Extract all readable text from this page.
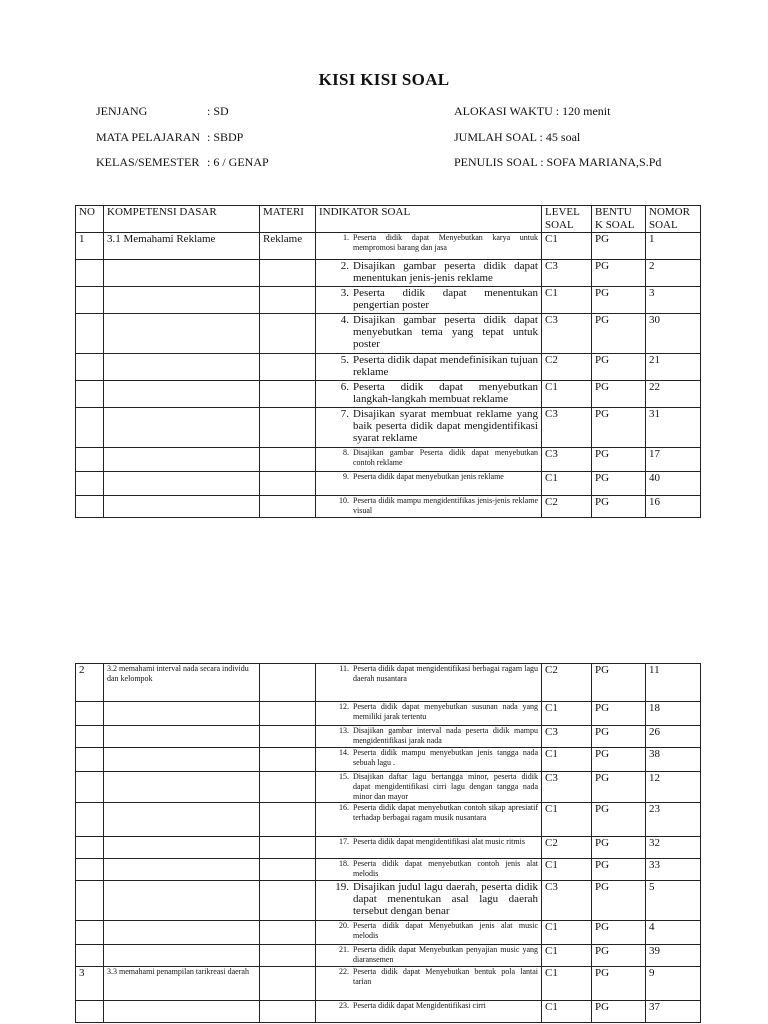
KISI KISI SOAL
JENJANG	: SD
MATA PELAJARAN : SBDP
KELAS/SEMESTER : 6 / GENAP
ALOKASI WAKTU : 120 menit
JUMLAH SOAL : 45 soal
PENULIS SOAL : SOFA MARIANA,S.Pd
NO	KOMPETENSI DASAR	MATERI	INDIKATOR SOAL	LEVEL SOAL	BENTU K SOAL	NOMOR SOAL
1	3.1 Memahami Reklame	Reklame	1. Peserta didik dapat Menyebutkan karya untuk mempromosi barang dan jasa	C1	PG	1

			2. Disajikan gambar peserta didik dapat menentukan jenis-jenis reklame	C3	PG	2

			3. Peserta didik dapat menentukan pengertian poster	C1	PG	3

			4. Disajikan gambar peserta didik dapat menyebutkan tema yang tepat untuk poster	C3	PG	30

			5. Peserta didik dapat mendefinisikan tujuan reklame	C2	PG	21

			6. Peserta didik dapat menyebutkan langkah-langkah membuat reklame	C1	PG	22

			7. Disajikan syarat membuat reklame yang baik peserta didik dapat mengidentifikasi syarat reklame	C3	PG	31

			8. Disajikan gambar Peserta didik dapat menyebutkan contoh reklame	C3	PG	17

			9. Peserta didik dapat menyebutkan jenis reklame	C1	PG	40

			10. Peserta didik mampu mengidentifikas jenis-jenis reklame visual	C2	PG	16
2	3.2 memahami interval nada secara individu dan kelompok		11. Peserta didik dapat mengidentifikasi berbagai ragam lagu daerah nusantara	C2	PG	11

			12. Peserta didik dapat menyebutkan susunan nada yang memiliki jarak tertentu	C1	PG	18

			13. Disajikan gambar interval nada peserta didik mampu mengidentifikasi jarak nada	C3	PG	26

			14. Peserta didik mampu menyebutkan jenis tangga nada sebuah lagu .	C1	PG	38

			15. Disajikan daftar lagu bertangga minor, peserta didik dapat mengidentifikasi cirri lagu dengan tangga nada minor dan mayor	C3	PG	12

			16. Peserta didik dapat menyebutkan contoh sikap apresiatif terhadap berbagai ragam musik nusantara	C1	PG	23

			17. Peserta didik dapat mengidentifikasi alat music ritmis	C2	PG	32

			18. Peserta didik dapat menyebutkan contoh jenis alat melodis	C1	PG	33

			19. Disajikan judul lagu daerah, peserta didik dapat menentukan asal lagu daerah tersebut dengan benar	C3	PG	5

			20. Peserta didik dapat Menyebutkan jenis alat music melodis	C1	PG	4

			21. Peserta didik dapat Menyebutkan penyajian music yang diaransemen	C1	PG	39
3	3.3 memahami penampilan tarikreasi daerah		22. Peserta didik dapat Menyebutkan bentuk pola lantai tarian	C1	PG	9

			23. Peserta didik dapat Mengidentifikasi cirri	C1	PG	37
